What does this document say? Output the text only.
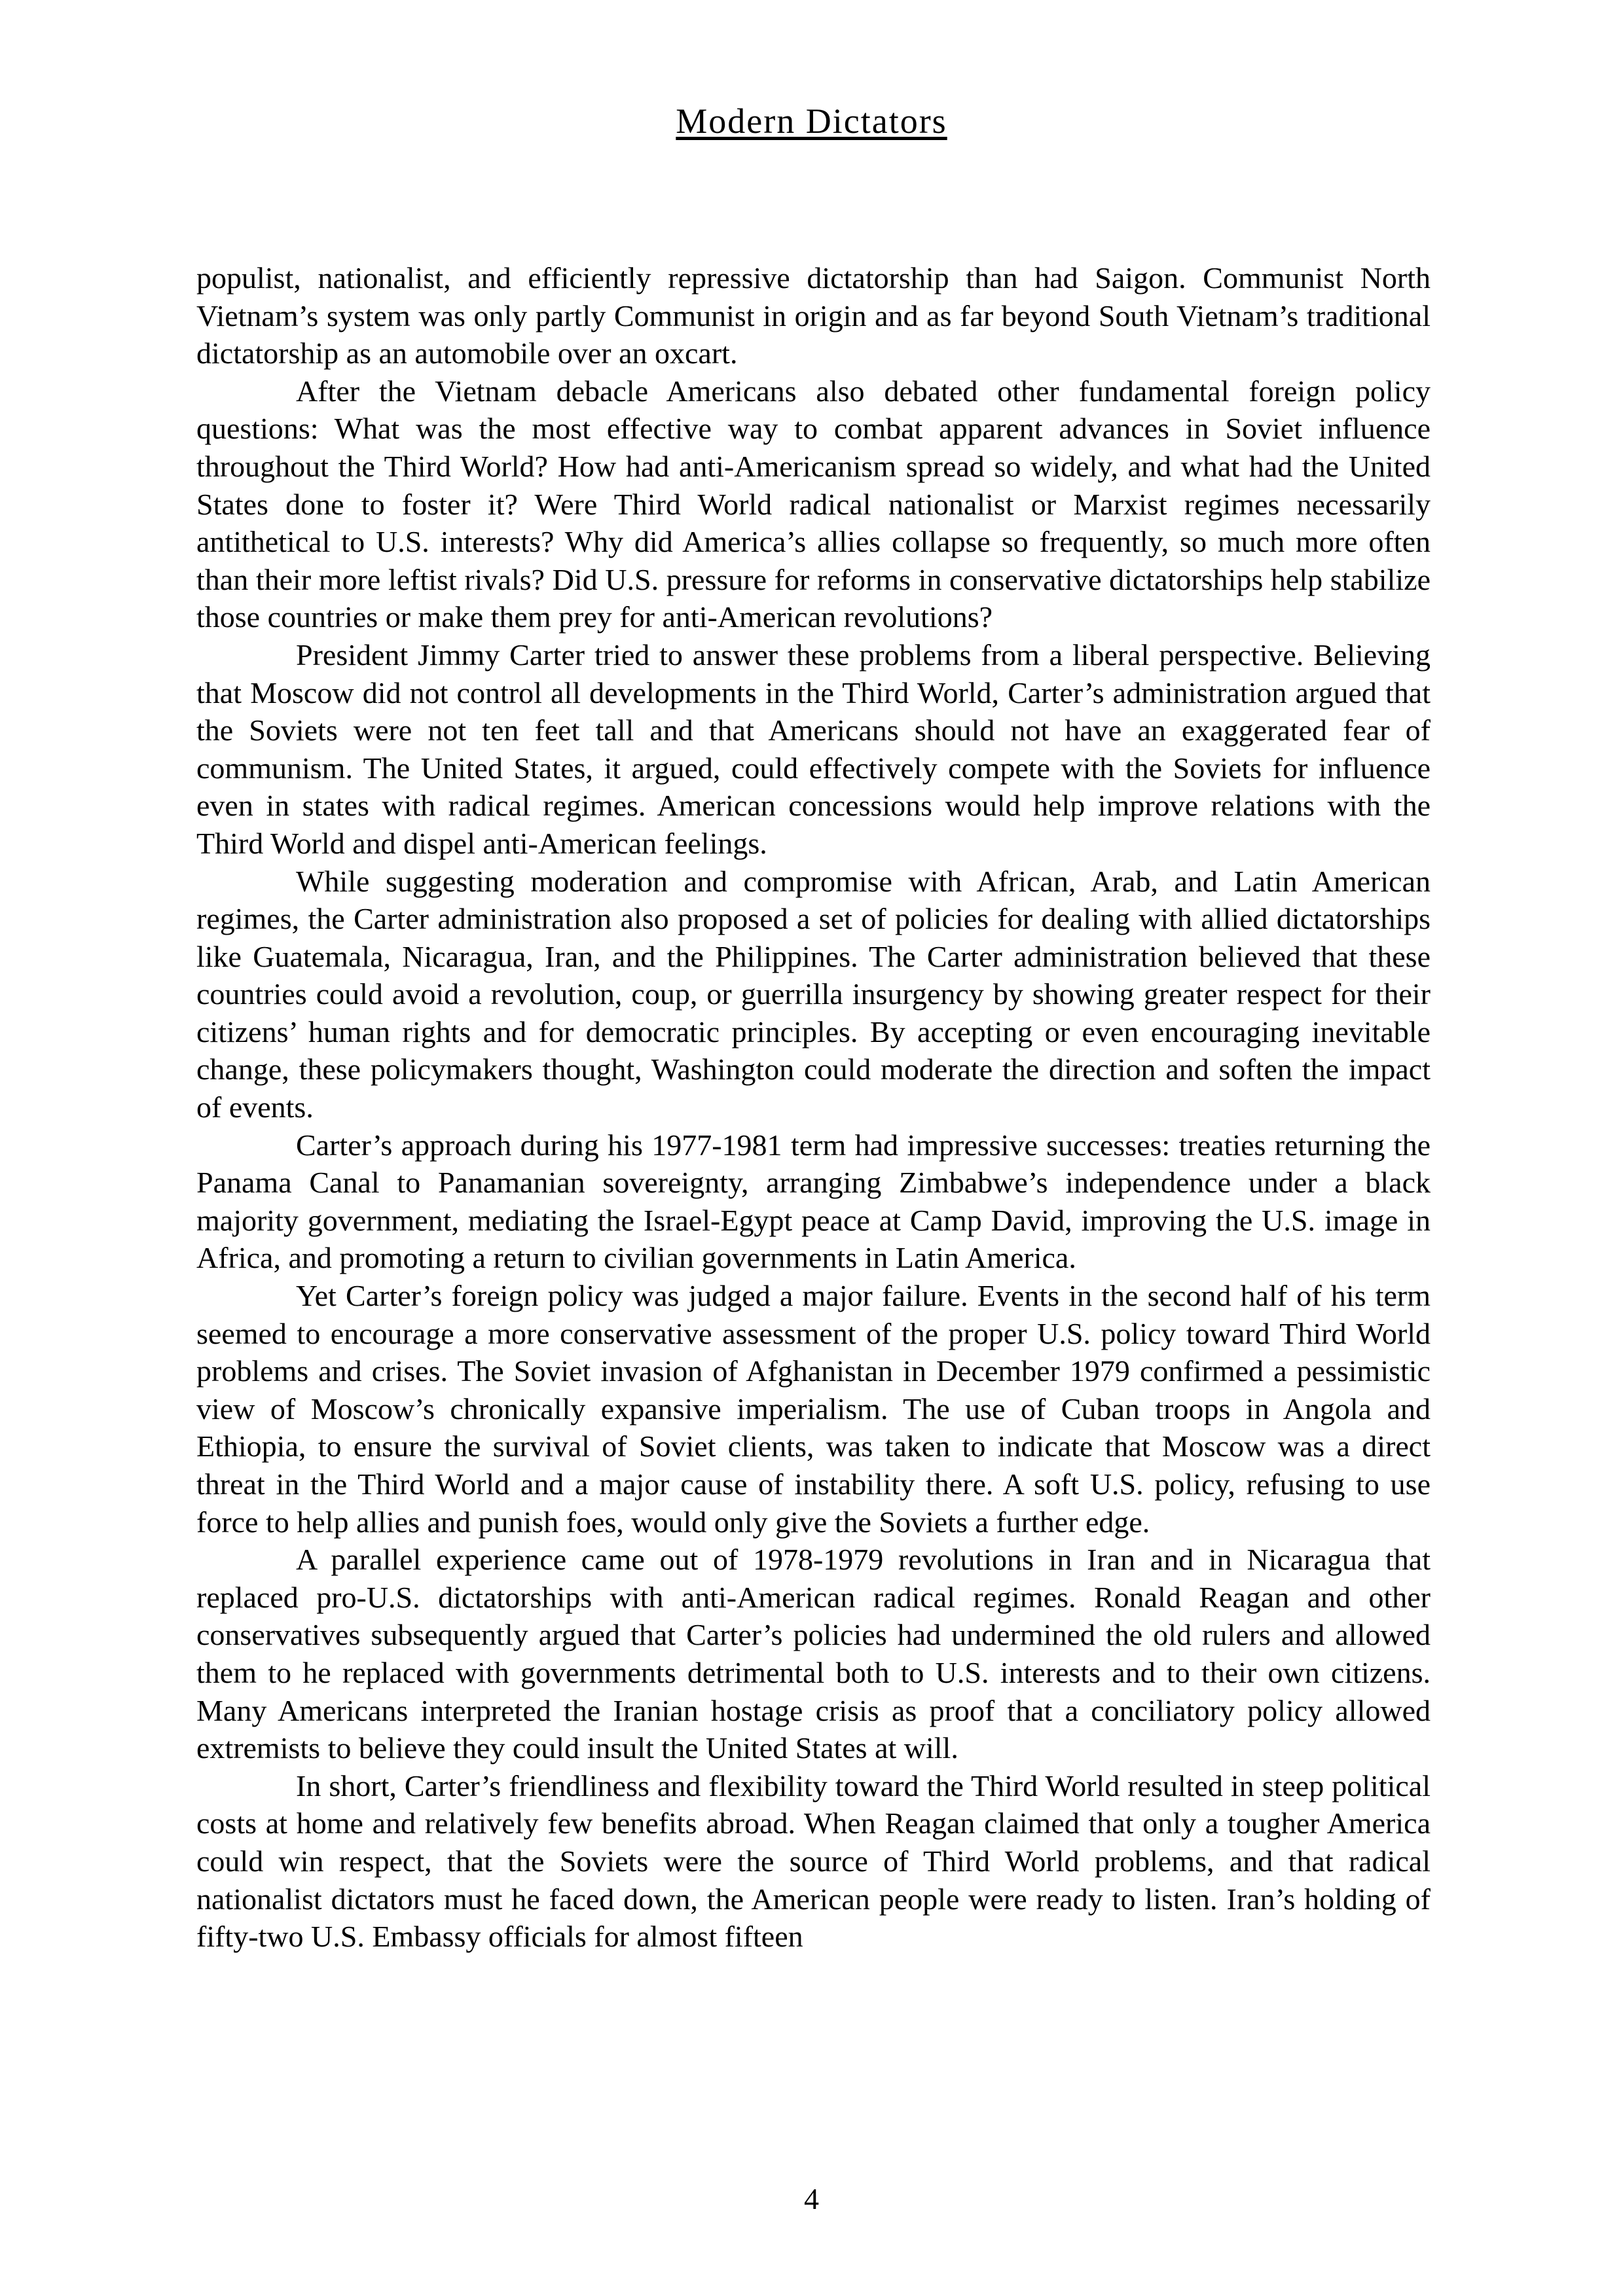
Modern Dictators

populist, nationalist, and efficiently repressive dictatorship than had Saigon. Communist North Vietnam’s system was only partly Communist in origin and as far beyond South Vietnam’s traditional dictatorship as an automobile over an oxcart.

After the Vietnam debacle Americans also debated other fundamental foreign policy questions: What was the most effective way to combat apparent advances in Soviet influence throughout the Third World? How had anti-Americanism spread so widely, and what had the United States done to foster it? Were Third World radical nationalist or Marxist regimes necessarily antithetical to U.S. interests? Why did America’s allies collapse so frequently, so much more often than their more leftist rivals? Did U.S. pressure for reforms in conservative dictatorships help stabilize those countries or make them prey for anti-American revolutions?

President Jimmy Carter tried to answer these problems from a liberal perspective. Believing that Moscow did not control all developments in the Third World, Carter’s administration argued that the Soviets were not ten feet tall and that Americans should not have an exaggerated fear of communism. The United States, it argued, could effectively compete with the Soviets for influence even in states with radical regimes. American concessions would help improve relations with the Third World and dispel anti-American feelings.

While suggesting moderation and compromise with African, Arab, and Latin American regimes, the Carter administration also proposed a set of policies for dealing with allied dictatorships like Guatemala, Nicaragua, Iran, and the Philippines. The Carter administration believed that these countries could avoid a revolution, coup, or guerrilla insurgency by showing greater respect for their citizens’ human rights and for democratic principles. By accepting or even encouraging inevitable change, these policymakers thought, Washington could moderate the direction and soften the impact of events.

Carter’s approach during his 1977-1981 term had impressive successes: treaties returning the Panama Canal to Panamanian sovereignty, arranging Zimbabwe’s independence under a black majority government, mediating the Israel-Egypt peace at Camp David, improving the U.S. image in Africa, and promoting a return to civilian governments in Latin America.

Yet Carter’s foreign policy was judged a major failure. Events in the second half of his term seemed to encourage a more conservative assessment of the proper U.S. policy toward Third World problems and crises. The Soviet invasion of Afghanistan in December 1979 confirmed a pessimistic view of Moscow’s chronically expansive imperialism. The use of Cuban troops in Angola and Ethiopia, to ensure the survival of Soviet clients, was taken to indicate that Moscow was a direct threat in the Third World and a major cause of instability there. A soft U.S. policy, refusing to use force to help allies and punish foes, would only give the Soviets a further edge.

A parallel experience came out of 1978-1979 revolutions in Iran and in Nicaragua that replaced pro-U.S. dictatorships with anti-American radical regimes. Ronald Reagan and other conservatives subsequently argued that Carter’s policies had undermined the old rulers and allowed them to he replaced with governments detrimental both to U.S. interests and to their own citizens. Many Americans interpreted the Iranian hostage crisis as proof that a conciliatory policy allowed extremists to believe they could insult the United States at will.

In short, Carter’s friendliness and flexibility toward the Third World resulted in steep political costs at home and relatively few benefits abroad. When Reagan claimed that only a tougher America could win respect, that the Soviets were the source of Third World problems, and that radical nationalist dictators must he faced down, the American people were ready to listen. Iran’s holding of fifty-two U.S. Embassy officials for almost fifteen

4
